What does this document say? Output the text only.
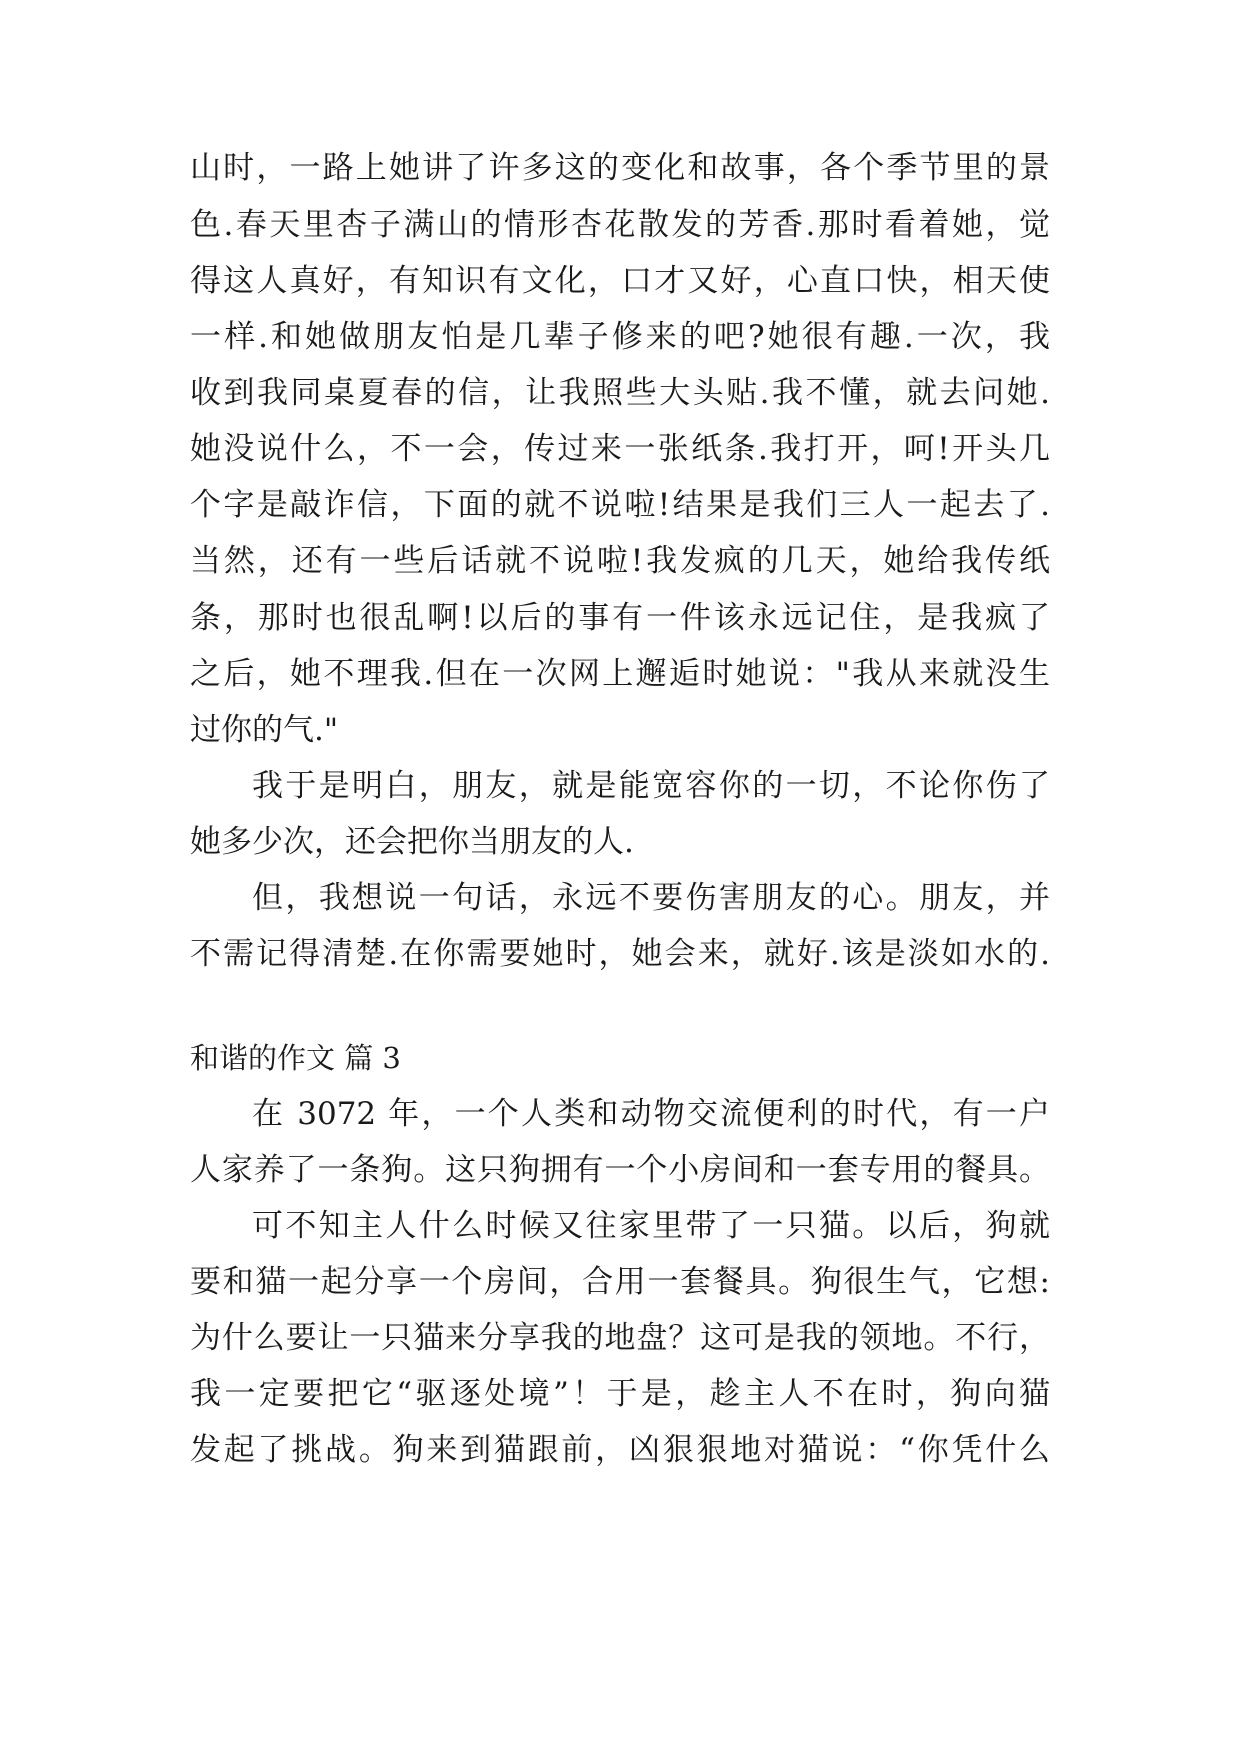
山时，一路上她讲了许多这的变化和故事，各个季节里的景
色.春天里杏子满山的情形杏花散发的芳香.那时看着她，觉
得这人真好，有知识有文化，口才又好，心直口快，相天使
一样.和她做朋友怕是几辈子修来的吧?她很有趣.一次，我
收到我同桌夏春的信，让我照些大头贴.我不懂，就去问她.
她没说什么，不一会，传过来一张纸条.我打开，呵!开头几
个字是敲诈信，下面的就不说啦!结果是我们三人一起去了.
当然，还有一些后话就不说啦!我发疯的几天，她给我传纸
条，那时也很乱啊!以后的事有一件该永远记住，是我疯了
之后，她不理我.但在一次网上邂逅时她说："我从来就没生
过你的气."
我于是明白，朋友，就是能宽容你的一切，不论你伤了
她多少次，还会把你当朋友的人.
但，我想说一句话，永远不要伤害朋友的心。朋友，并
不需记得清楚.在你需要她时，她会来，就好.该是淡如水的.
和谐的作文 篇 3
在 3072 年，一个人类和动物交流便利的时代，有一户
人家养了一条狗。这只狗拥有一个小房间和一套专用的餐具。
可不知主人什么时候又往家里带了一只猫。以后，狗就
要和猫一起分享一个房间，合用一套餐具。狗很生气，它想:
为什么要让一只猫来分享我的地盘？这可是我的领地。不行，
我一定要把它“驱逐处境”！于是，趁主人不在时，狗向猫
发起了挑战。狗来到猫跟前，凶狠狠地对猫说：“你凭什么
